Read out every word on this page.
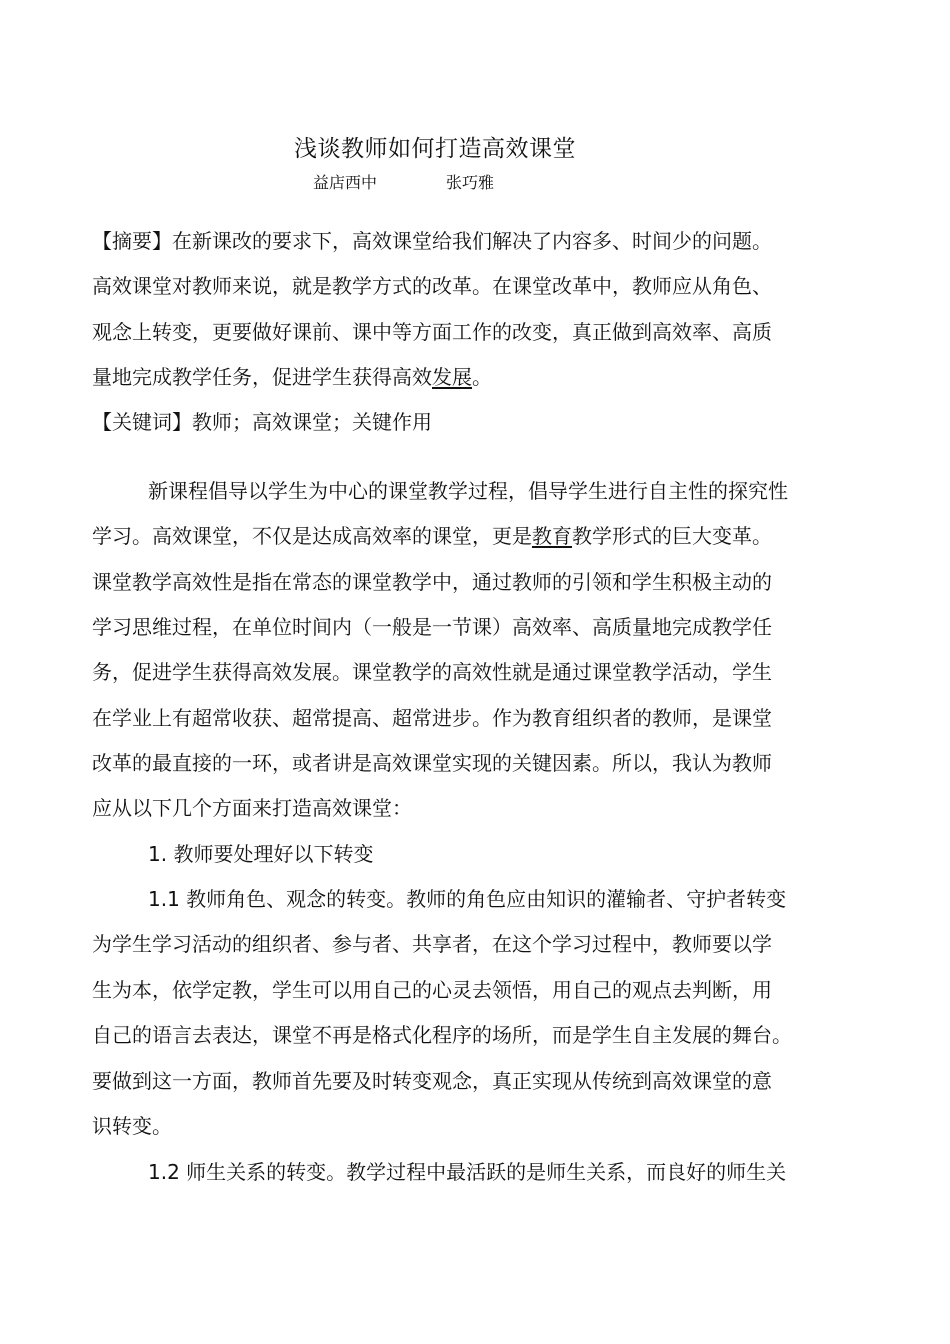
浅谈教师如何打造高效课堂
益店西中	张巧雅
【摘要】在新课改的要求下，高效课堂给我们解决了内容多、时间少的问题。
高效课堂对教师来说，就是教学方式的改革。在课堂改革中，教师应从角色、
观念上转变，更要做好课前、课中等方面工作的改变，真正做到高效率、高质
量地完成教学任务，促进学生获得高效发展。
【关键词】教师；高效课堂；关键作用
新课程倡导以学生为中心的课堂教学过程，倡导学生进行自主性的探究性
学习。高效课堂，不仅是达成高效率的课堂，更是教育教学形式的巨大变革。
课堂教学高效性是指在常态的课堂教学中，通过教师的引领和学生积极主动的
学习思维过程，在单位时间内（一般是一节课）高效率、高质量地完成教学任
务，促进学生获得高效发展。课堂教学的高效性就是通过课堂教学活动，学生
在学业上有超常收获、超常提高、超常进步。作为教育组织者的教师，是课堂
改革的最直接的一环，或者讲是高效课堂实现的关键因素。所以，我认为教师
应从以下几个方面来打造高效课堂：
1. 教师要处理好以下转变
1.1 教师角色、观念的转变。教师的角色应由知识的灌输者、守护者转变
为学生学习活动的组织者、参与者、共享者，在这个学习过程中，教师要以学
生为本，依学定教，学生可以用自己的心灵去领悟，用自己的观点去判断，用
自己的语言去表达，课堂不再是格式化程序的场所，而是学生自主发展的舞台。
要做到这一方面，教师首先要及时转变观念，真正实现从传统到高效课堂的意
识转变。
1.2 师生关系的转变。教学过程中最活跃的是师生关系，而良好的师生关
